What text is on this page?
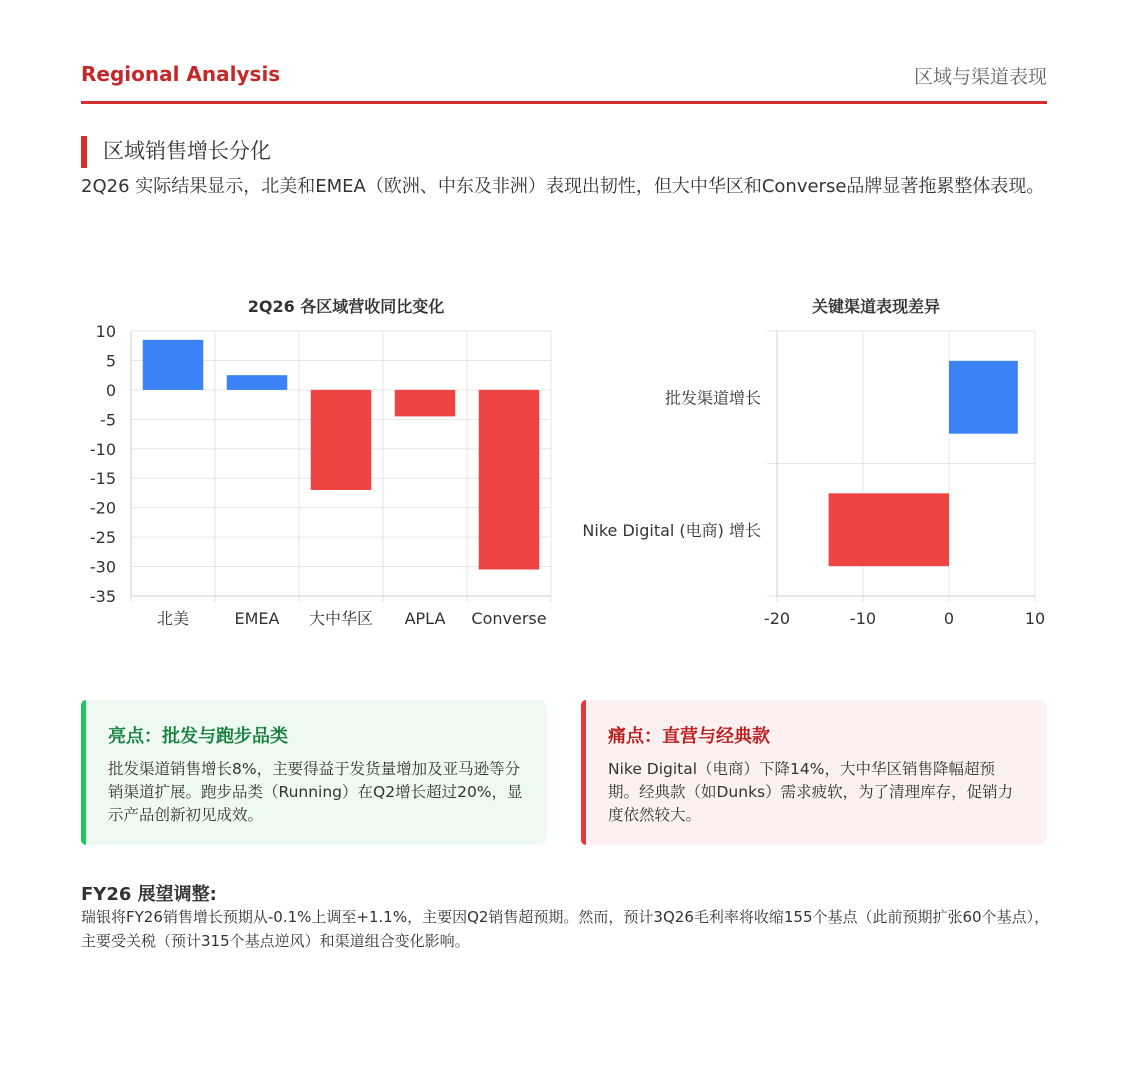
Regional Analysis	区域与渠道表现
区域销售增长分化
2Q26 实际结果显示，北美和EMEA（欧洲、中东及非洲）表现出韧性，但大中华区和Converse品牌显著拖累整体表现。
2Q26 各区域营收同比变化
10
5
0
-5
-10
-15
-20
-25
-30
-35
北美	EMEA 大中华区 APLA Converse
关键渠道表现差异
-20	-10	0	10
批发渠道增长
Nike Digital (电商) 增长
亮点：批发与跑步品类
批发渠道销售增长8%，主要得益于发货量增加及亚马逊等分销渠道扩展。跑步品类（Running）在Q2增长超过20%，显示产品创新初见成效。
痛点：直营与经典款
Nike Digital（电商）下降14%，大中华区销售降幅超预期。经典款（如Dunks）需求疲软，为了清理库存，促销力度依然较大。
FY26 展望调整:
瑞银将FY26销售增长预期从-0.1%上调至+1.1%，主要因Q2销售超预期。然而，预计3Q26毛利率将收缩155个基点（此前预期扩张60个基点），主要受关税（预计315个基点逆风）和渠道组合变化影响。
